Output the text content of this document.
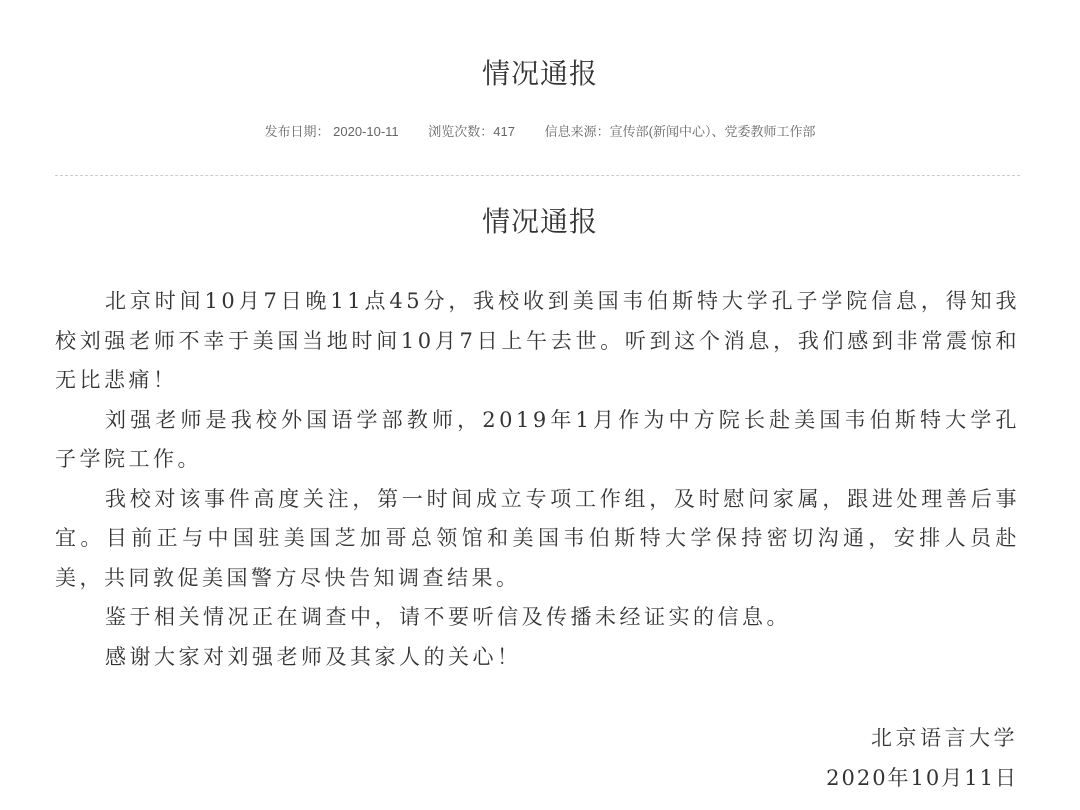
情况通报
发布日期： 2020-10-11 浏览次数：417 信息来源：宣传部(新闻中心）、党委教师工作部
情况通报

北京时间10月7日晚11点45分，我校收到美国韦伯斯特大学孔子学院信息，得知我校刘强老师不幸于美国当地时间10月7日上午去世。听到这个消息，我们感到非常震惊和无比悲痛！

刘强老师是我校外国语学部教师，2019年1月作为中方院长赴美国韦伯斯特大学孔子学院工作。

我校对该事件高度关注，第一时间成立专项工作组，及时慰问家属，跟进处理善后事宜。目前正与中国驻美国芝加哥总领馆和美国韦伯斯特大学保持密切沟通，安排人员赴美，共同敦促美国警方尽快告知调查结果。

鉴于相关情况正在调查中，请不要听信及传播未经证实的信息。

感谢大家对刘强老师及其家人的关心！

北京语言大学
2020年10月11日
